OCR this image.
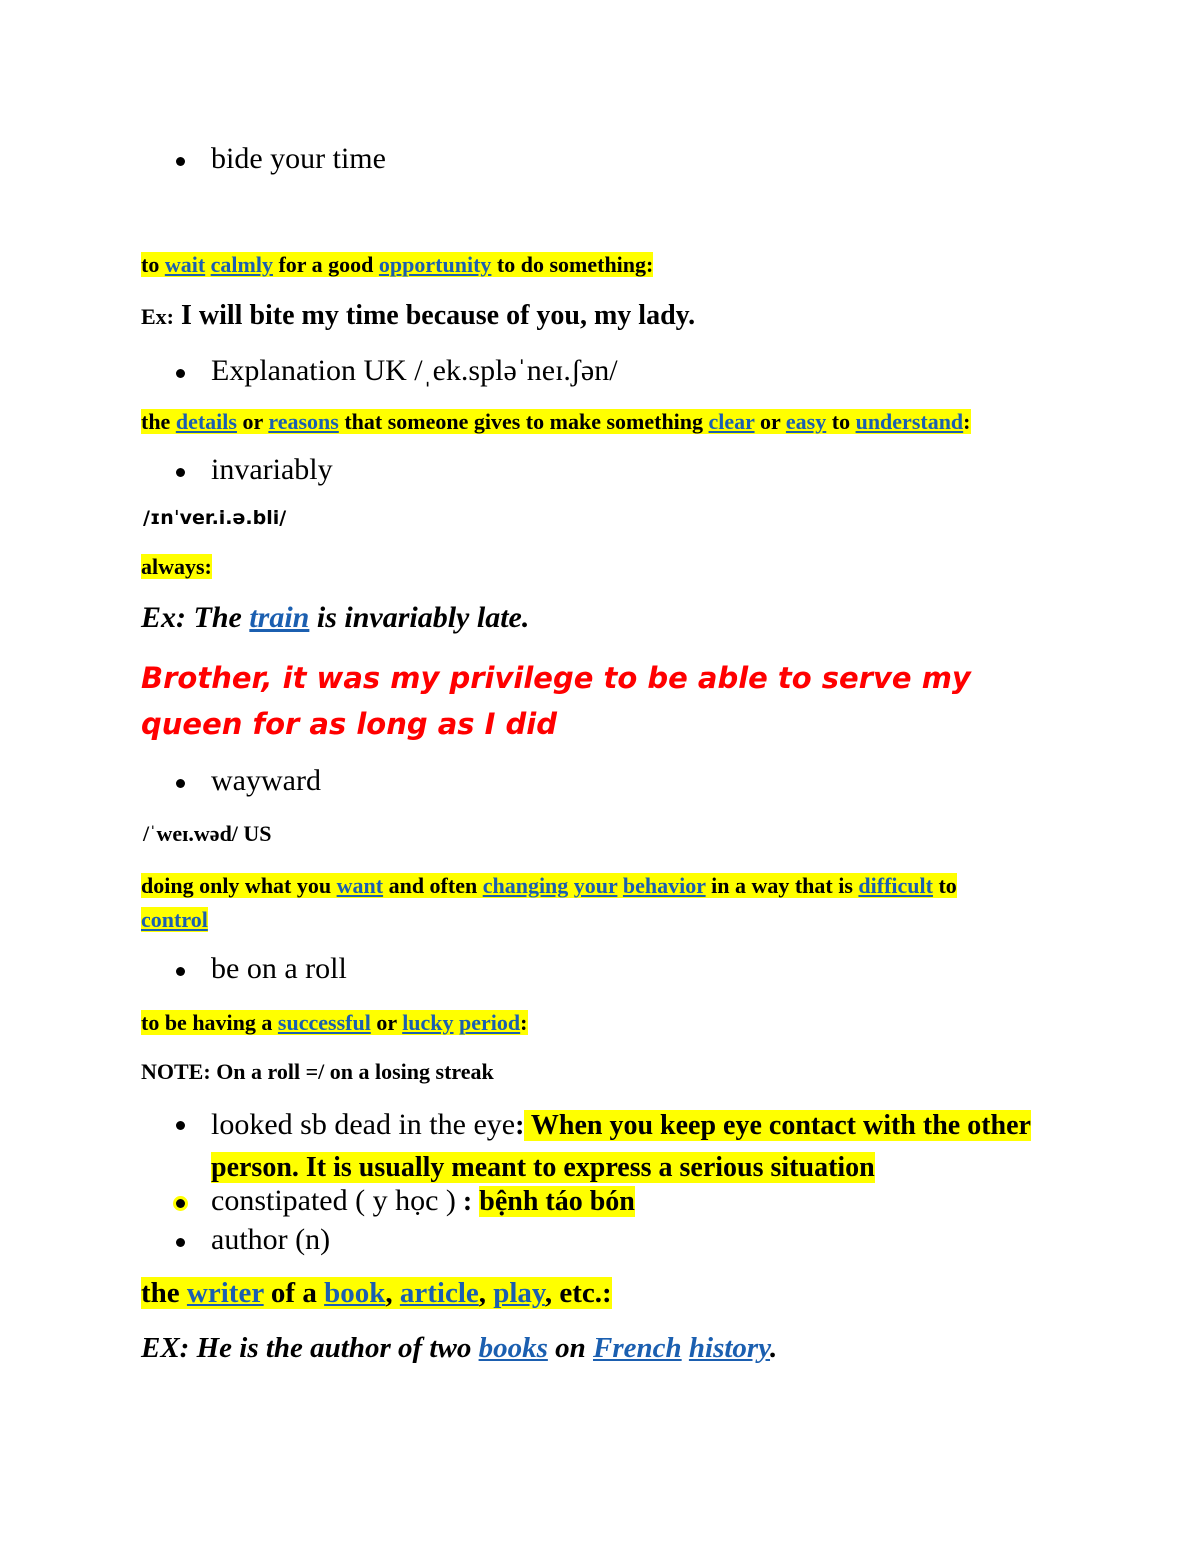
bide your time
to wait calmly for a good opportunity to do something:
Ex: I will bite my time because of you, my lady.
Explanation UK /ˌek.spləˈneɪ.ʃən/
the details or reasons that someone gives to make something clear or easy to understand:
invariably
/ɪnˈver.i.ə.bli/
always:
Ex: The train is invariably late.
Brother, it was my privilege to be able to serve my queen for as long as I did
wayward
/ˈweɪ.wəd/ US
doing only what you want and often changing your behavior in a way that is difficult to control
be on a roll
to be having a successful or lucky period:
NOTE: On a roll =/ on a losing streak
looked sb dead in the eye: When you keep eye contact with the other person. It is usually meant to express a serious situation
constipated ( y học ) : bệnh táo bón
author (n)
the writer of a book, article, play, etc.:
EX: He is the author of two books on French history.
